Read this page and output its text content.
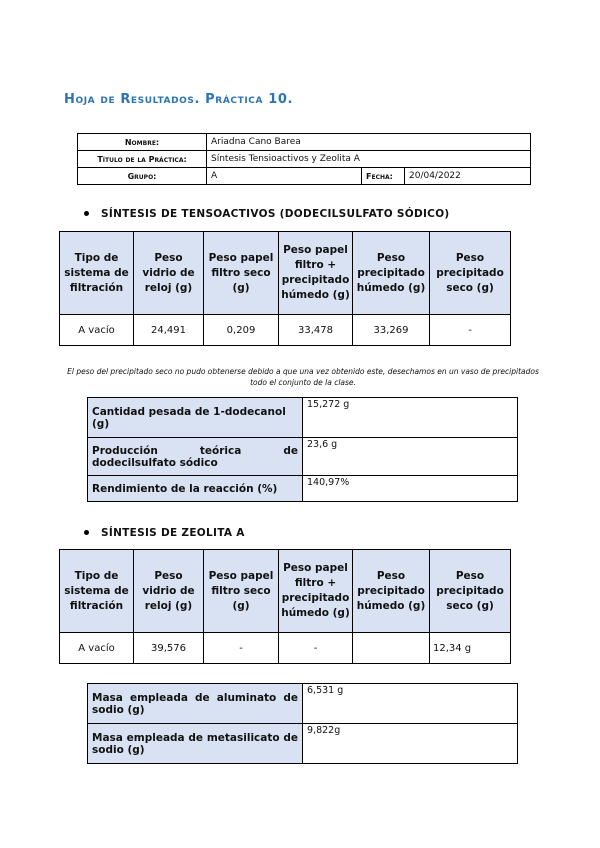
Hoja de Resultados. Práctica 10.
Nombre:	Ariadna Cano Barea		
Título de la Práctica:	Síntesis Tensioactivos y Zeolita A		
Grupo:	A	Fecha:	20/04/2022
SÍNTESIS DE TENSOACTIVOS (DODECILSULFATO SÓDICO)
Tipo de sistema de filtración	Peso vidrio de reloj (g)	Peso papel filtro seco (g)	Peso papel filtro + precipitado húmedo (g)	Peso precipitado húmedo (g)	Peso precipitado seco (g)
A vacío	24,491	0,209	33,478	33,269	-
El peso del precipitado seco no pudo obtenerse debido a que una vez obtenido este, desechamos en un vaso de precipitados todo el conjunto de la clase.
Cantidad pesada de 1-dodecanol (g)	15,272 g
Producción teórica de dodecilsulfato sódico	23,6 g
Rendimiento de la reacción (%)	140,97%
SÍNTESIS DE ZEOLITA A
Tipo de sistema de filtración	Peso vidrio de reloj (g)	Peso papel filtro seco (g)	Peso papel filtro + precipitado húmedo (g)	Peso precipitado húmedo (g)	Peso precipitado seco (g)
A vacío	39,576	-	-		12,34 g
Masa empleada de aluminato de sodio (g)	6,531 g
Masa empleada de metasilicato de sodio (g)	9,822g
